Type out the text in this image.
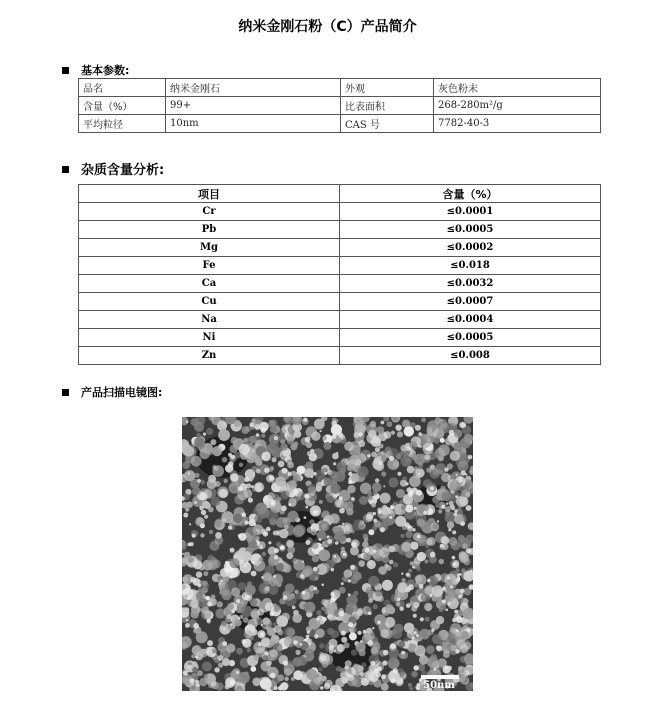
纳米金刚石粉（C）产品简介
基本参数:
品名	纳米金刚石	外观	灰色粉末
含量（%）	99+	比表面积	268-280m²/g
平均粒径	10nm	CAS 号	7782-40-3
杂质含量分析:
项目	含量（%）
Cr	≤0.0001
Pb	≤0.0005
Mg	≤0.0002
Fe	≤0.018
Ca	≤0.0032
Cu	≤0.0007
Na	≤0.0004
Ni	≤0.0005
Zn	≤0.008
产品扫描电镜图:
50nm
